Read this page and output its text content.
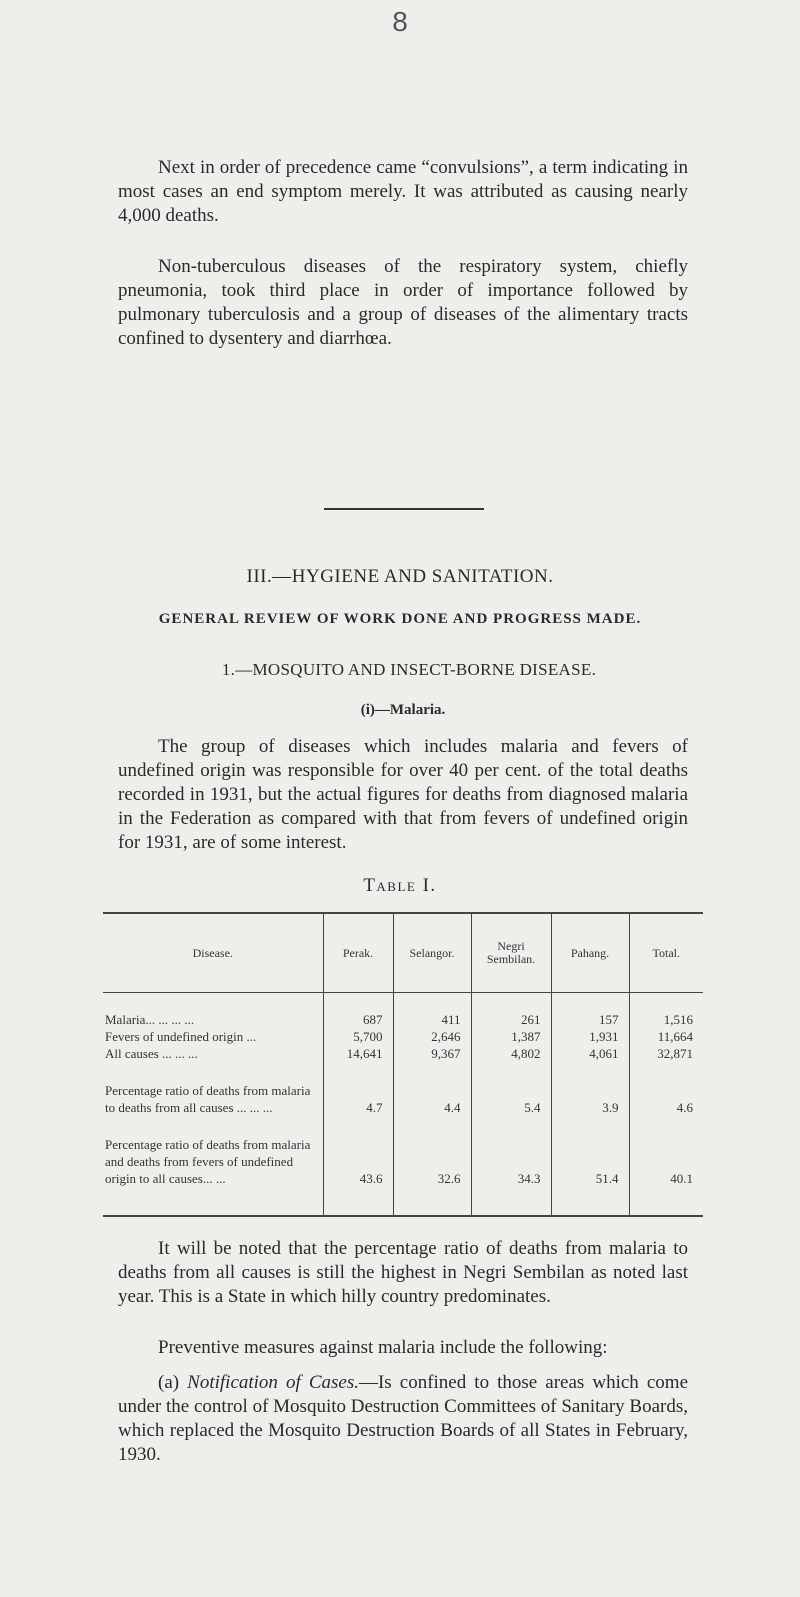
8

Next in order of precedence came “convulsions”, a term indicating in most cases an end symptom merely. It was attributed as causing nearly 4,000 deaths.

Non-tuberculous diseases of the respiratory system, chiefly pneumonia, took third place in order of importance followed by pulmonary tuberculosis and a group of diseases of the alimentary tracts confined to dysentery and diarrhœa.

III.—HYGIENE AND SANITATION.
GENERAL REVIEW OF WORK DONE AND PROGRESS MADE.
1.—MOSQUITO AND INSECT-BORNE DISEASE.
(i)—Malaria.

The group of diseases which includes malaria and fevers of undefined origin was responsible for over 40 per cent. of the total deaths recorded in 1931, but the actual figures for deaths from diagnosed malaria in the Federation as compared with that from fevers of undefined origin for 1931, are of some interest.

Table I.
Disease.	Perak.	Selangor.	Negri Sembilan.	Pahang.	Total.
Malaria... ... ... ...	687	411	261	157	1,516
Fevers of undefined origin ...	5,700	2,646	1,387	1,931	11,664
All causes ... ... ...	14,641	9,367	4,802	4,061	32,871
Percentage ratio of deaths from malaria to deaths from all causes ... ... ...	4.7	4.4	5.4	3.9	4.6
Percentage ratio of deaths from malaria and deaths from fevers of undefined origin to all causes... ...	43.6	32.6	34.3	51.4	40.1

It will be noted that the percentage ratio of deaths from malaria to deaths from all causes is still the highest in Negri Sembilan as noted last year. This is a State in which hilly country predominates.

Preventive measures against malaria include the following:

(a) Notification of Cases.—Is confined to those areas which come under the control of Mosquito Destruction Committees of Sanitary Boards, which replaced the Mosquito Destruction Boards of all States in February, 1930.
